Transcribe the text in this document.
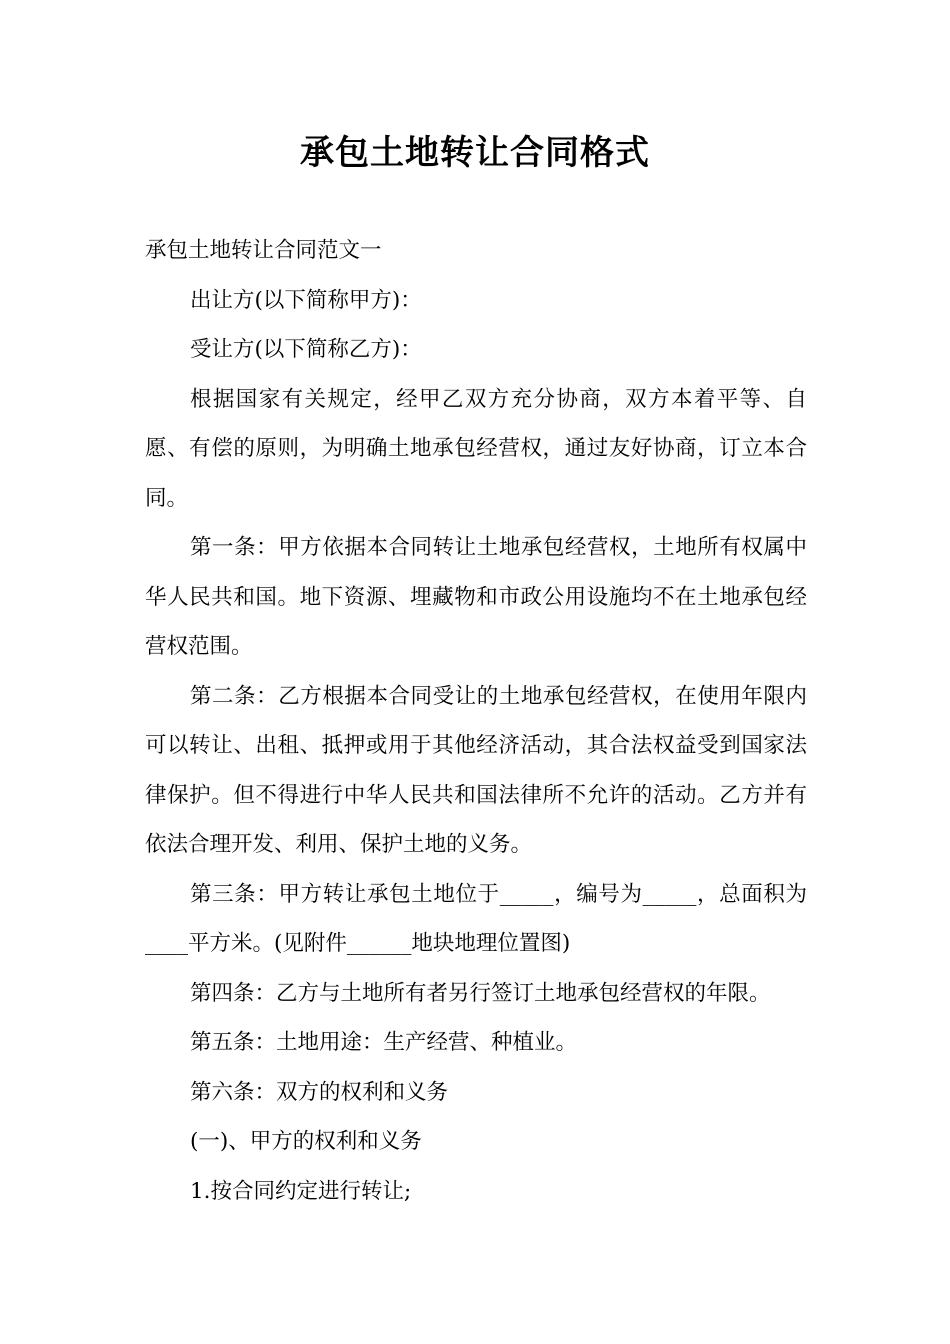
承包土地转让合同格式

承包土地转让合同范文一

出让方(以下简称甲方)：

受让方(以下简称乙方)：

根据国家有关规定，经甲乙双方充分协商，双方本着平等、自愿、有偿的原则，为明确土地承包经营权，通过友好协商，订立本合同。

第一条：甲方依据本合同转让土地承包经营权，土地所有权属中华人民共和国。地下资源、埋藏物和市政公用设施均不在土地承包经营权范围。

第二条：乙方根据本合同受让的土地承包经营权，在使用年限内可以转让、出租、抵押或用于其他经济活动，其合法权益受到国家法律保护。但不得进行中华人民共和国法律所不允许的活动。乙方并有依法合理开发、利用、保护土地的义务。

第三条：甲方转让承包土地位于_____，编号为_____，总面积为____平方米。(见附件______地块地理位置图)

第四条：乙方与土地所有者另行签订土地承包经营权的年限。

第五条：土地用途：生产经营、种植业。

第六条：双方的权利和义务

(一)、甲方的权利和义务

1.按合同约定进行转让;
